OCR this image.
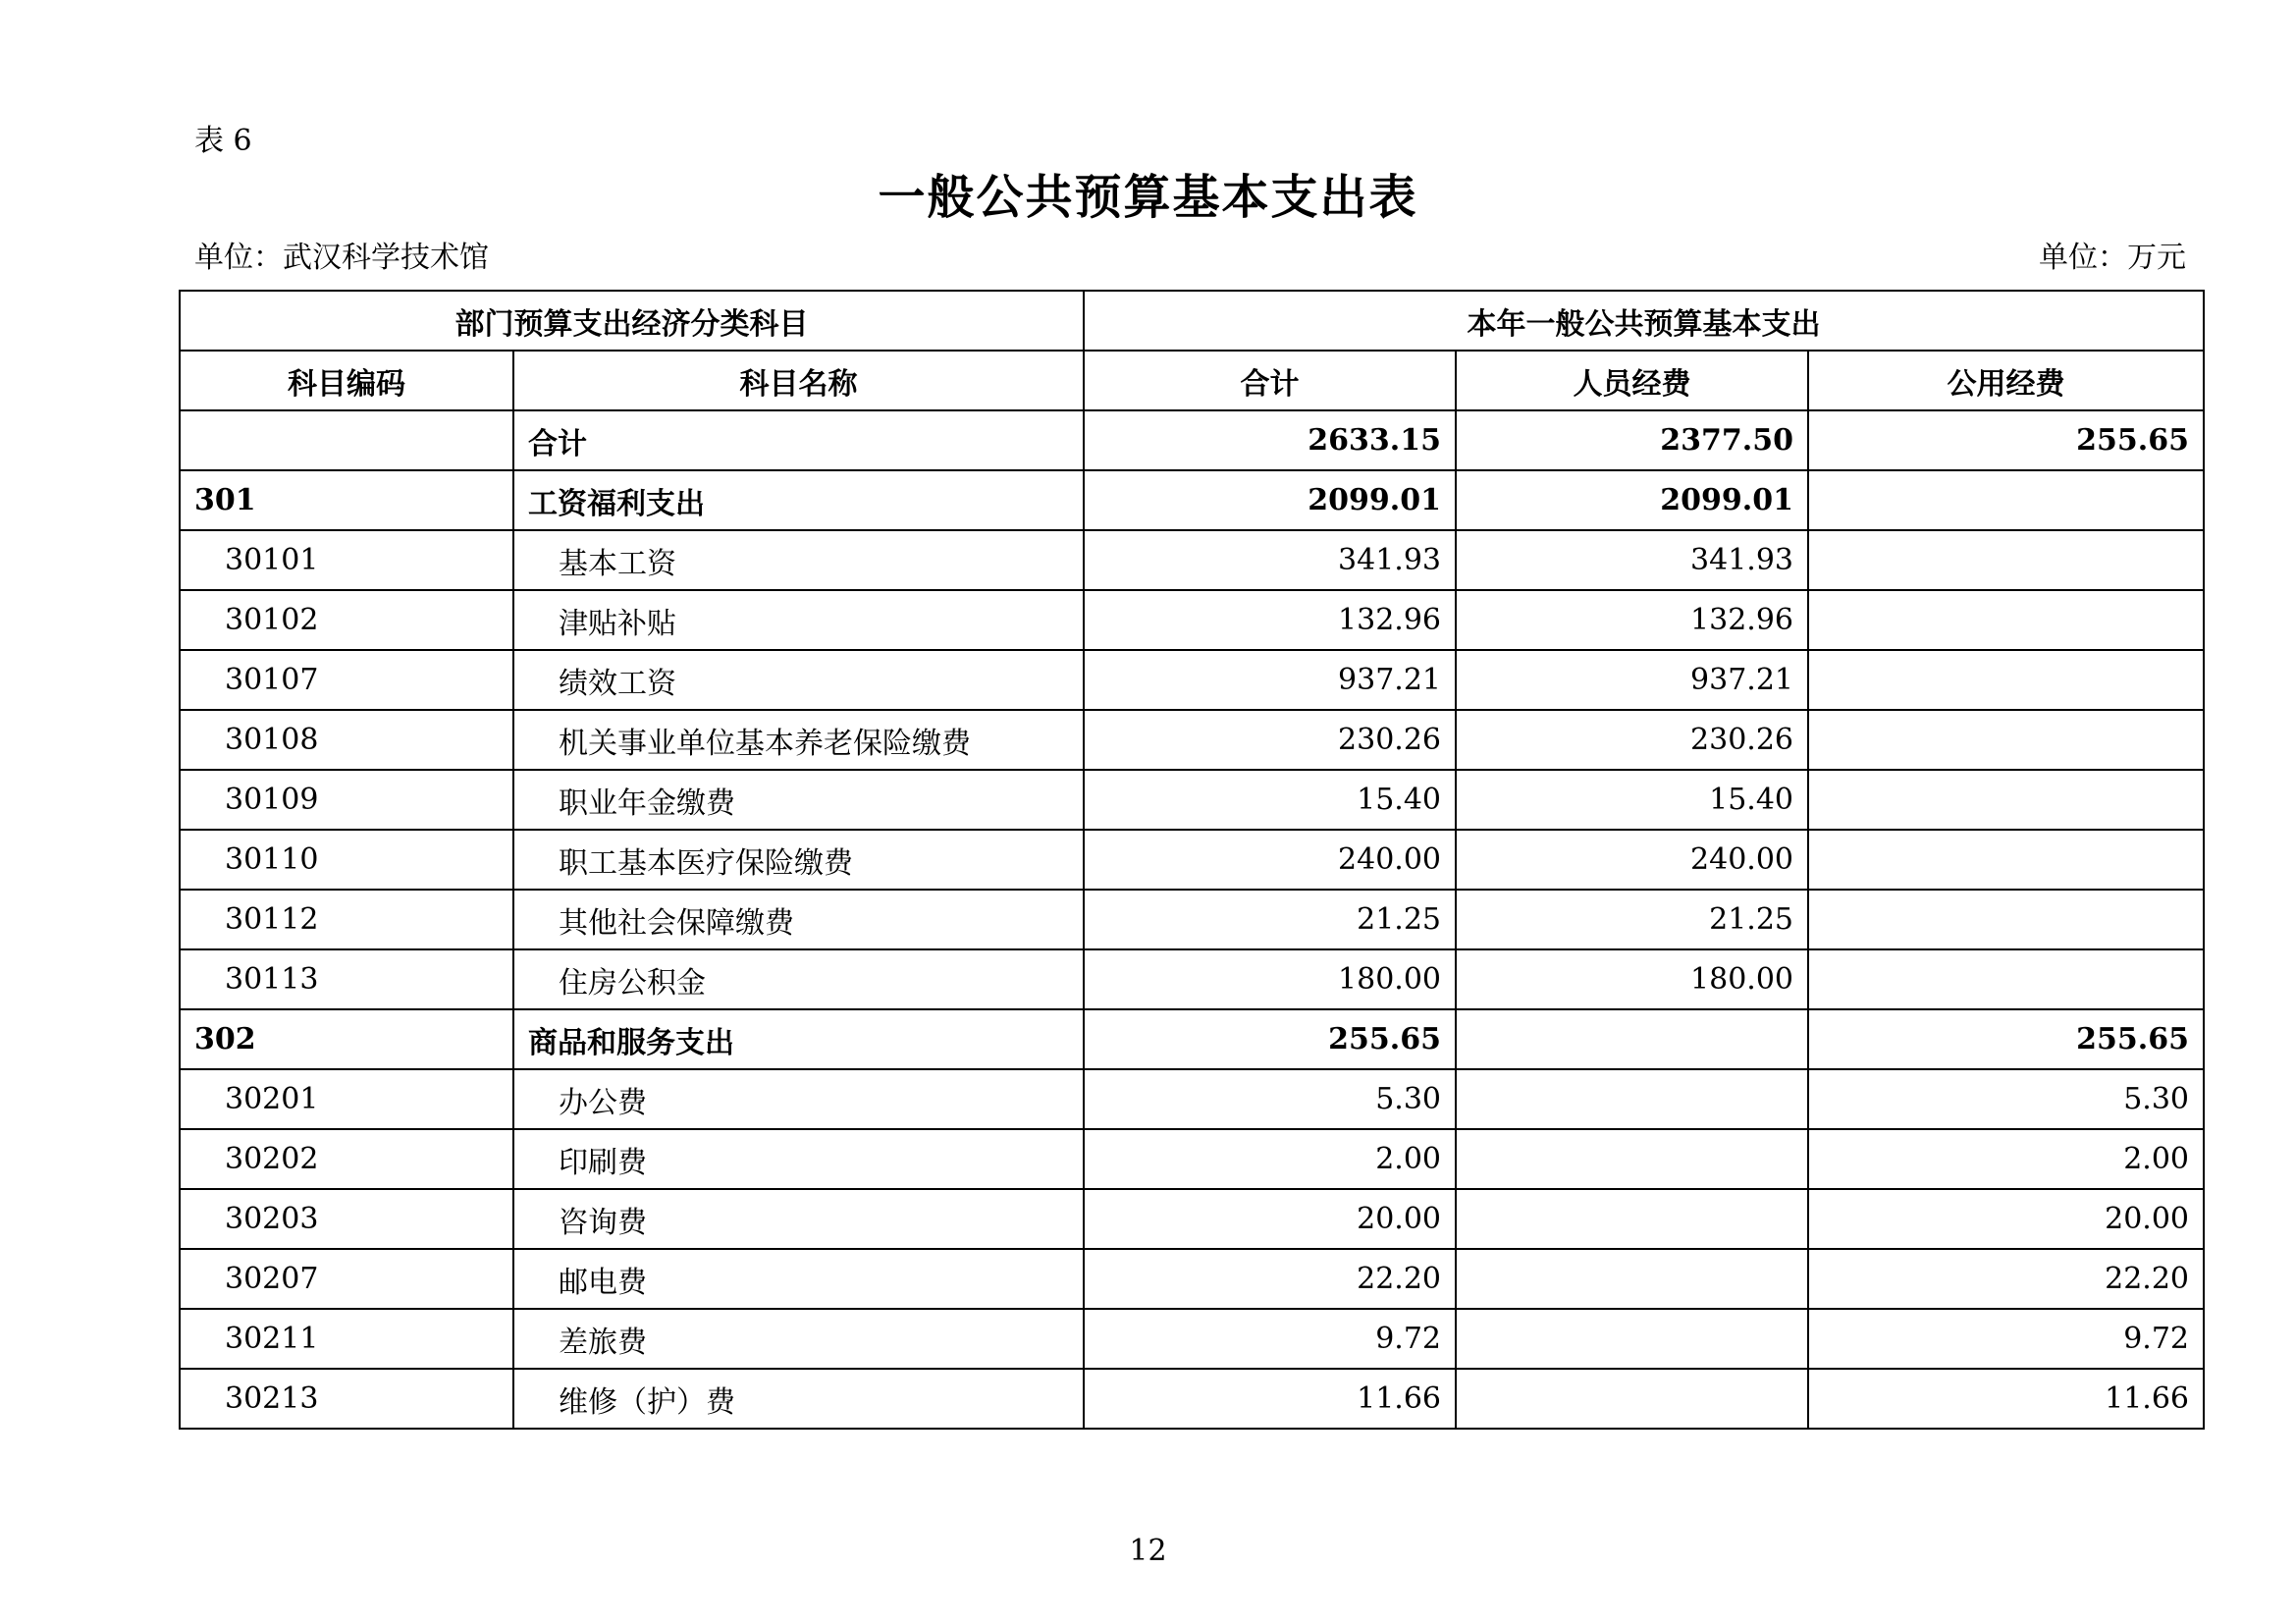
表 6
一般公共预算基本支出表
单位：武汉科学技术馆	单位：万元
部门预算支出经济分类科目		本年一般公共预算基本支出		
科目编码	科目名称	合计	人员经费	公用经费
	合计	2633.15	2377.50	255.65
301	工资福利支出	2099.01	2099.01	
30101	基本工资	341.93	341.93	
30102	津贴补贴	132.96	132.96	
30107	绩效工资	937.21	937.21	
30108	机关事业单位基本养老保险缴费	230.26	230.26	
30109	职业年金缴费	15.40	15.40	
30110	职工基本医疗保险缴费	240.00	240.00	
30112	其他社会保障缴费	21.25	21.25	
30113	住房公积金	180.00	180.00	
302	商品和服务支出	255.65		255.65
30201	办公费	5.30		5.30
30202	印刷费	2.00		2.00
30203	咨询费	20.00		20.00
30207	邮电费	22.20		22.20
30211	差旅费	9.72		9.72
30213	维修（护）费	11.66		11.66
12
